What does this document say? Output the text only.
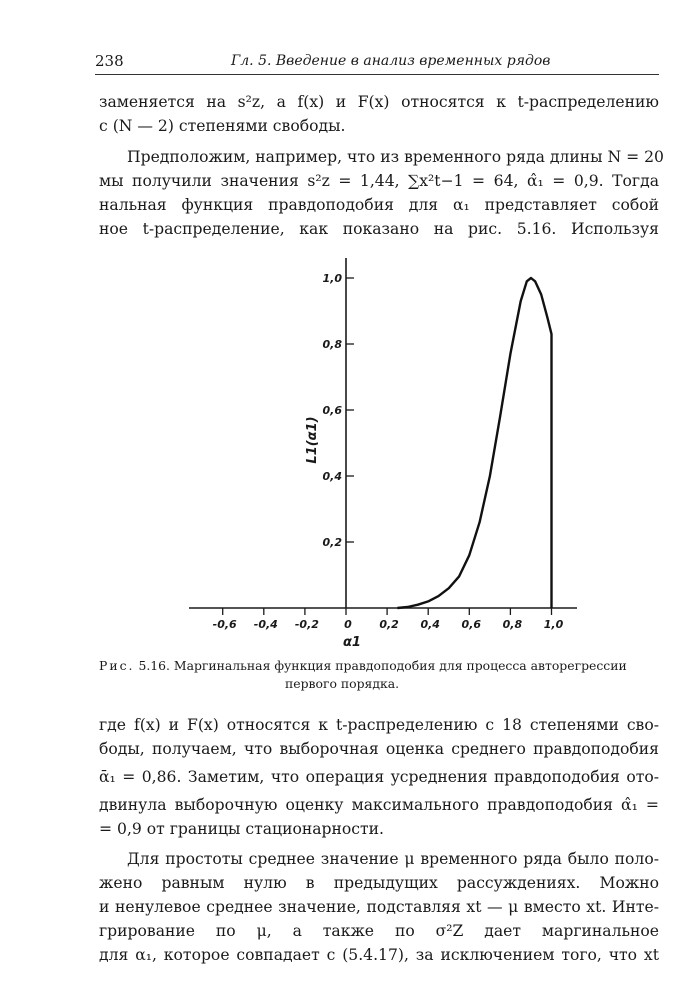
238	Гл. 5. Введение в анализ временных рядов
заменяется на s²z, а f(x) и F(x) относятся к t-распределению
с (N — 2) степенями свободы.
Предположим, например, что из временного ряда длины N = 20
мы получили значения s²z = 1,44, ∑x²t−1 = 64, α̂₁ = 0,9. Тогда
нальная функция правдоподобия для α₁ представляет собой
ное t-распределение, как показано на рис. 5.16. Используя
-0,6 -0,4 -0,2 0	0,2 0,4 0,6 0,8 1,0
0,2
0,4
0,6
0,8
1,0
α1
L1(α1)
Рис. 5.16. Маргинальная функция правдоподобия для процесса авторегрессии
первого порядка.
где f(x) и F(x) относятся к t-распределению с 18 степенями сво-
боды, получаем, что выборочная оценка среднего правдоподобия
ᾱ₁ = 0,86. Заметим, что операция усреднения правдоподобия ото-
двинула выборочную оценку максимального правдоподобия α̂₁ =
= 0,9 от границы стационарности.
Для простоты среднее значение μ временного ряда было поло-
жено равным нулю в предыдущих рассуждениях. Можно
и ненулевое среднее значение, подставляя xt — μ вместо xt. Инте-
грирование по μ, а также по σ²Z дает маргинальное
для α₁, которое совпадает с (5.4.17), за исключением того, что xt
